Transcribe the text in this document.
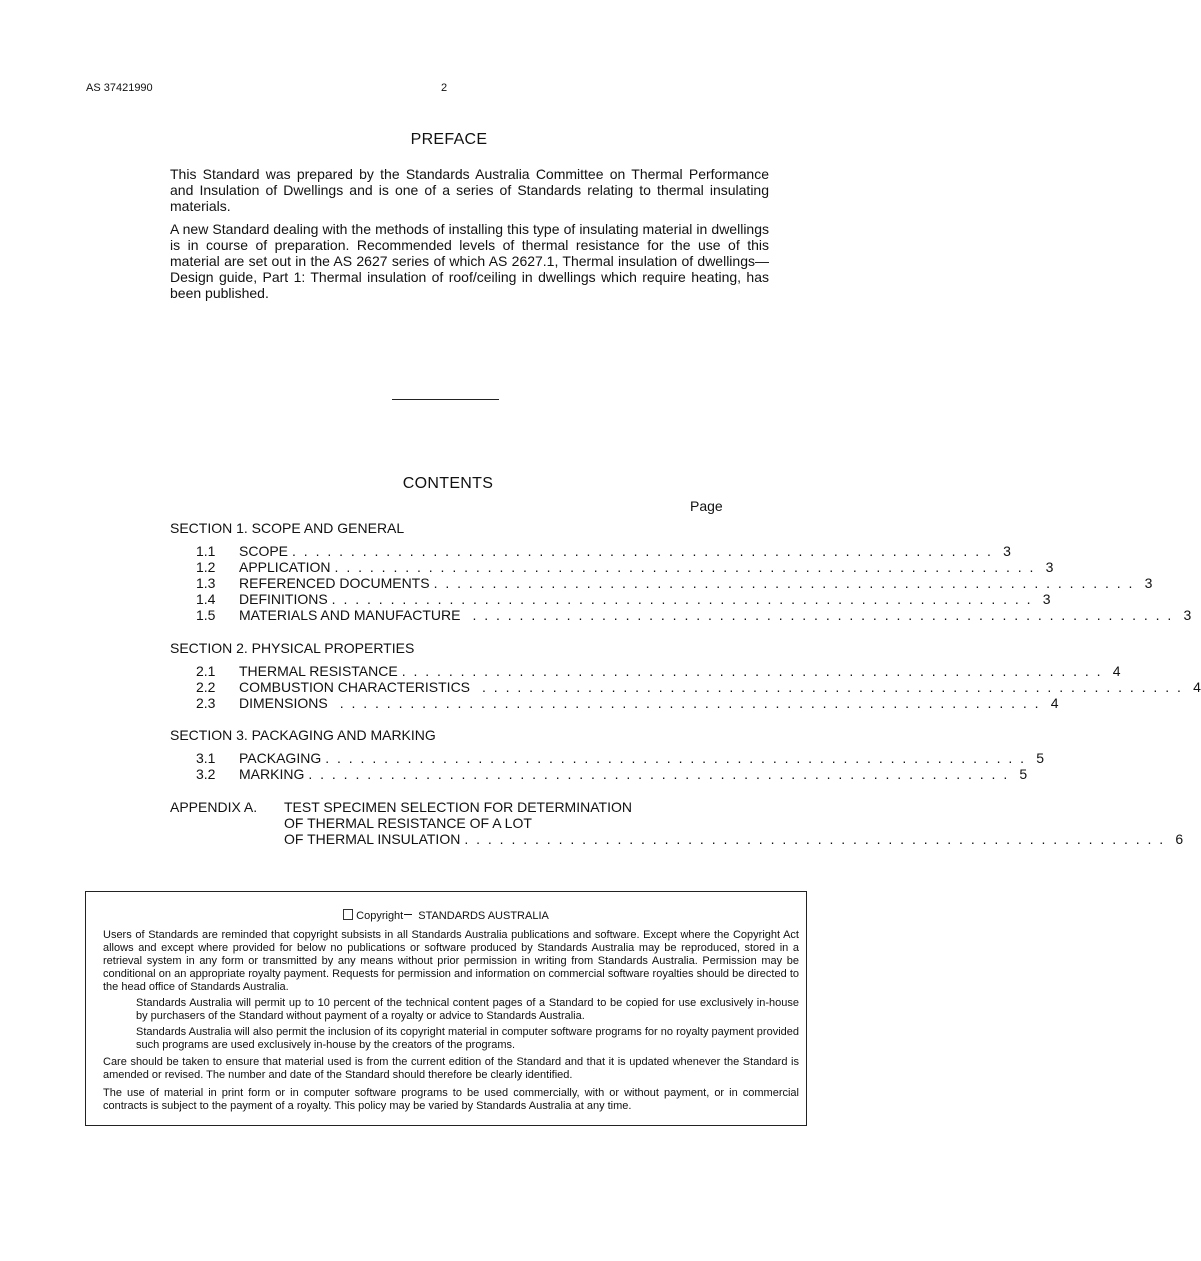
AS 37421990	2
PREFACE
This Standard was prepared by the Standards Australia Committee on Thermal Performance and Insulation of Dwellings and is one of a series of Standards relating to thermal insulating materials.
A new Standard dealing with the methods of installing this type of insulating material in dwellings is in course of preparation. Recommended levels of thermal resistance for the use of this material are set out in the AS 2627 series of which AS 2627.1, Thermal insulation of dwellings—Design guide, Part 1: Thermal insulation of roof/ceiling in dwellings which require heating, has been published.
CONTENTS
Page
SECTION 1. SCOPE AND GENERAL
1.1	SCOPE . . . . . . . . . . . . . . . . . . . . . . . . . . . . . . . . . . . . . . . . . . . . . . . . . . . . . . . . . . . . 3
1.2	APPLICATION . . . . . . . . . . . . . . . . . . . . . . . . . . . . . . . . . . . . . . . . . . . . . . . . . . . . . . . . . . . . 3
1.3	REFERENCED DOCUMENTS . . . . . . . . . . . . . . . . . . . . . . . . . . . . . . . . . . . . . . . . . . . . . . . . . . . . . . . . . . . . 3
1.4	DEFINITIONS . . . . . . . . . . . . . . . . . . . . . . . . . . . . . . . . . . . . . . . . . . . . . . . . . . . . . . . . . . . . 3
1.5	MATERIALS AND MANUFACTURE . . . . . . . . . . . . . . . . . . . . . . . . . . . . . . . . . . . . . . . . . . . . . . . . . . . . . . . . . . . . 3
SECTION 2. PHYSICAL PROPERTIES
2.1	THERMAL RESISTANCE . . . . . . . . . . . . . . . . . . . . . . . . . . . . . . . . . . . . . . . . . . . . . . . . . . . . . . . . . . . . 4
2.2	COMBUSTION CHARACTERISTICS . . . . . . . . . . . . . . . . . . . . . . . . . . . . . . . . . . . . . . . . . . . . . . . . . . . . . . . . . . . . 4
2.3	DIMENSIONS . . . . . . . . . . . . . . . . . . . . . . . . . . . . . . . . . . . . . . . . . . . . . . . . . . . . . . . . . . . . 4
SECTION 3. PACKAGING AND MARKING
3.1	PACKAGING . . . . . . . . . . . . . . . . . . . . . . . . . . . . . . . . . . . . . . . . . . . . . . . . . . . . . . . . . . . . 5
3.2	MARKING . . . . . . . . . . . . . . . . . . . . . . . . . . . . . . . . . . . . . . . . . . . . . . . . . . . . . . . . . . . . 5
APPENDIX A. TEST SPECIMEN SELECTION FOR DETERMINATION
OF THERMAL RESISTANCE OF A LOT
OF THERMAL INSULATION . . . . . . . . . . . . . . . . . . . . . . . . . . . . . . . . . . . . . . . . . . . . . . . . . . . . . . . . . . . . 6
Copyright STANDARDS AUSTRALIA
Users of Standards are reminded that copyright subsists in all Standards Australia publications and software. Except where the Copyright Act allows and except where provided for below no publications or software produced by Standards Australia may be reproduced, stored in a retrieval system in any form or transmitted by any means without prior permission in writing from Standards Australia. Permission may be conditional on an appropriate royalty payment. Requests for permission and information on commercial software royalties should be directed to the head office of Standards Australia.
Standards Australia will permit up to 10 percent of the technical content pages of a Standard to be copied for use exclusively in-house by purchasers of the Standard without payment of a royalty or advice to Standards Australia.
Standards Australia will also permit the inclusion of its copyright material in computer software programs for no royalty payment provided such programs are used exclusively in-house by the creators of the programs.
Care should be taken to ensure that material used is from the current edition of the Standard and that it is updated whenever the Standard is amended or revised. The number and date of the Standard should therefore be clearly identified.
The use of material in print form or in computer software programs to be used commercially, with or without payment, or in commercial contracts is subject to the payment of a royalty. This policy may be varied by Standards Australia at any time.
